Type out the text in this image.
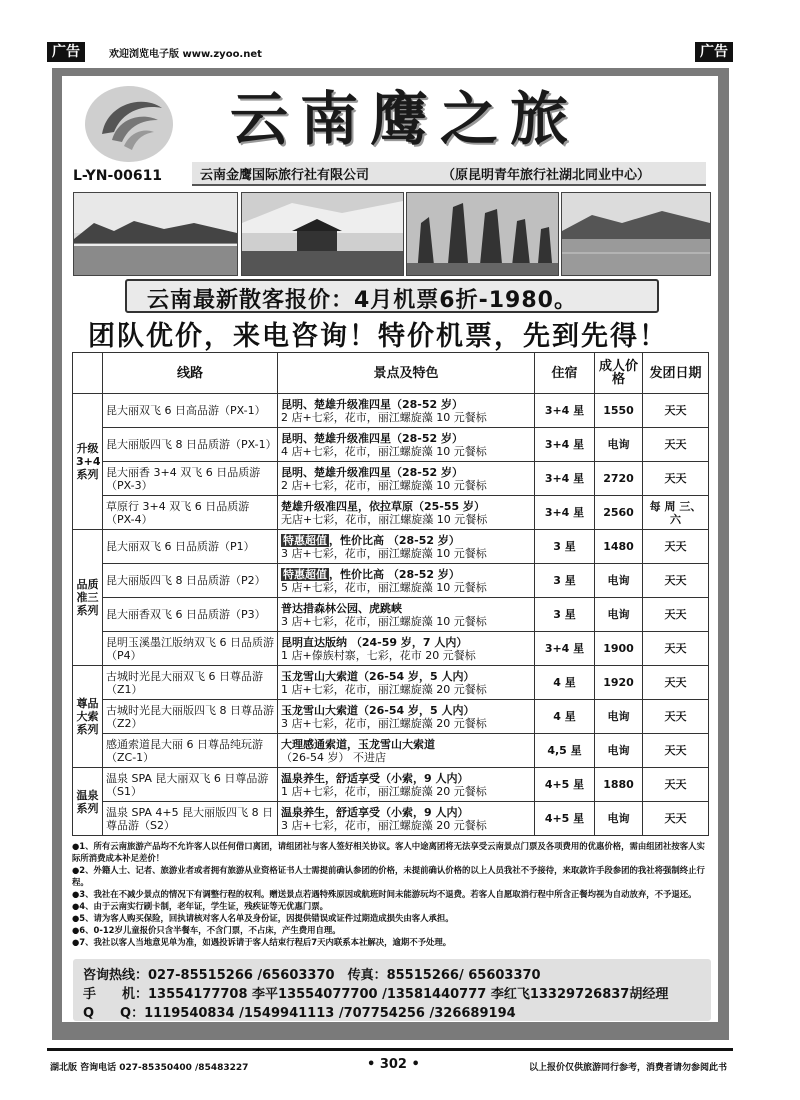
广告	欢迎浏览电子版 www.zyoo.net	广告
云南鹰之旅
L-YN-00611	云南金鹰国际旅行社有限公司	（原昆明青年旅行社湖北同业中心）
云南最新散客报价：4月机票6折-1980。
团队优价，来电咨询！特价机票，先到先得！
	线路	景点及特色	住宿	成人价格	发团日期
升级3+4系列	昆大丽双飞 6 日高品游（PX-1）	昆明、楚雄升级准四星（28-52 岁）
2 店+七彩，花市，丽江螺旋藻 10 元餐标	3+4 星	1550	天天
	昆大丽版四飞 8 日品质游（PX-1）	昆明、楚雄升级准四星（28-52 岁）
4 店+七彩，花市，丽江螺旋藻 10 元餐标	3+4 星	电询	天天
	昆大丽香 3+4 双飞 6 日品质游（PX-3）	昆明、楚雄升级准四星（28-52 岁）
2 店+七彩，花市，丽江螺旋藻 10 元餐标	3+4 星	2720	天天
	草原行 3+4 双飞 6 日品质游（PX-4）	楚雄升级准四星，依拉草原（25-55 岁）
无店+七彩，花市，丽江螺旋藻 10 元餐标	3+4 星	2560	每 周 三、六
品质准三系列	昆大丽双飞 6 日品质游（P1）	特惠超值 ，性价比高 （28-52 岁）
3 店+七彩，花市，丽江螺旋藻 10 元餐标	3 星	1480	天天
	昆大丽版四飞 8 日品质游（P2）	特惠超值 ，性价比高 （28-52 岁）
5 店+七彩，花市，丽江螺旋藻 10 元餐标	3 星	电询	天天
	昆大丽香双飞 6 日品质游（P3）	普达措森林公园、虎跳峡
3 店+七彩，花市，丽江螺旋藻 10 元餐标	3 星	电询	天天
	昆明玉溪墨江版纳双飞 6 日品质游（P4）	昆明直达版纳 （24-59 岁，7 人内）
1 店+傣族村寨，七彩，花市 20 元餐标	3+4 星	1900	天天
尊品大索系列	古城时光昆大丽双飞 6 日尊品游（Z1）	玉龙雪山大索道（26-54 岁，5 人内）
1 店+七彩，花市，丽江螺旋藻 20 元餐标	4 星	1920	天天
	古城时光昆大丽版四飞 8 日尊品游（Z2）	玉龙雪山大索道（26-54 岁，5 人内）
3 店+七彩，花市，丽江螺旋藻 20 元餐标	4 星	电询	天天
	感通索道昆大丽 6 日尊品纯玩游（ZC-1）	大理感通索道，玉龙雪山大索道
（26-54 岁） 不进店	4,5 星	电询	天天
温泉系列	温泉 SPA 昆大丽双飞 6 日尊品游（S1）	温泉养生，舒适享受（小索，9 人内）
1 店+七彩，花市，丽江螺旋藻 20 元餐标	4+5 星	1880	天天
	温泉 SPA 4+5 昆大丽版四飞 8 日尊品游（S2）	温泉养生，舒适享受（小索，9 人内）
3 店+七彩，花市，丽江螺旋藻 20 元餐标	4+5 星	电询	天天

●1、所有云南旅游产品均不允许客人以任何借口离团，请组团社与客人签好相关协议。客人中途离团将无法享受云南景点门票及各项费用的优惠价格，需由组团社按客人实际所消费成本补足差价！

●2、外籍人士、记者、旅游业者或者拥有旅游从业资格证书人士需提前确认参团的价格，未提前确认价格的以上人员我社不予接待，来取款许手段参团的我社将强制终止行程。

●3、我社在不减少景点的情况下有调整行程的权利。赠送景点若遇特殊原因或航班时间未能游玩均不退费。若客人自愿取消行程中所含正餐均视为自动放弃，不予退还。

●4、由于云南实行刷卡制，老年证，学生证，残疾证等无优惠门票。

●5、请为客人购买保险，回执请核对客人名单及身份证，因提供错误或证件过期造成损失由客人承担。

●6、0-12岁儿童报价只含半餐车，不含门票，不占床，产生费用自理。

●7、我社以客人当地意见单为准，如遇投诉请于客人结束行程后7天内联系本社解决，逾期不予处理。

咨询热线：027-85515266 /65603370　 传真：85515266/ 65603370
手　　机：13554177708 李平13554077700 /13581440777 李红飞13329726837胡经理
Q　　Q：1119540834 /1549941113 /707754256 /326689194
湖北版 咨询电话 027-85350400 /85483227	• 302 •	以上报价仅供旅游同行参考，消费者请勿参阅此书
